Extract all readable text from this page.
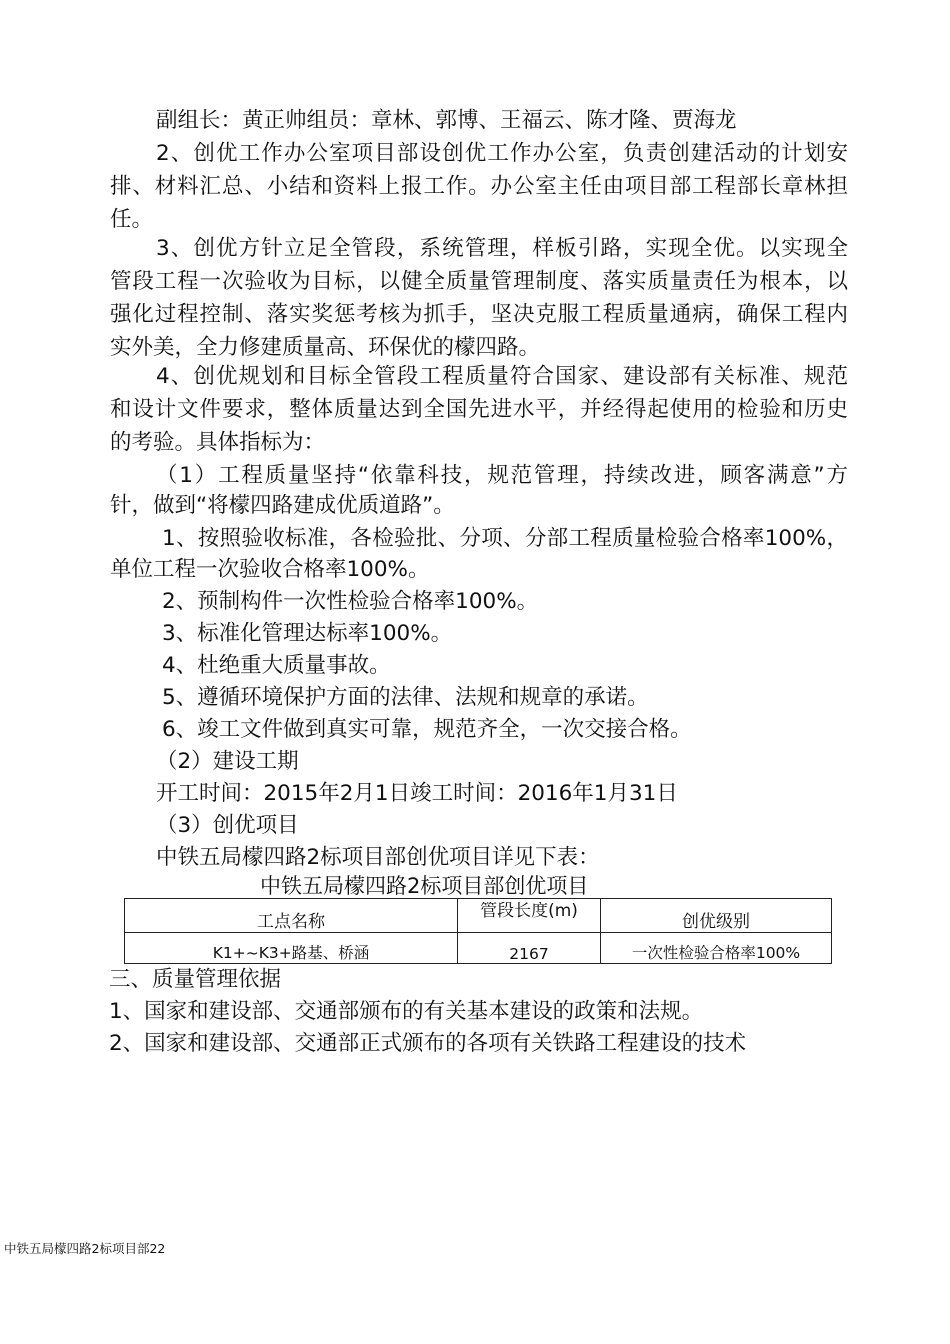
副组长：黄正帅组员：章林、郭博、王福云、陈才隆、贾海龙
2、创优工作办公室项目部设创优工作办公室，负责创建活动的计划安
排、材料汇总、小结和资料上报工作。办公室主任由项目部工程部长章林担
任。
3、创优方针立足全管段，系统管理，样板引路，实现全优。以实现全
管段工程一次验收为目标，以健全质量管理制度、落实质量责任为根本，以
强化过程控制、落实奖惩考核为抓手，坚决克服工程质量通病，确保工程内
实外美，全力修建质量高、环保优的檬四路。
4、创优规划和目标全管段工程质量符合国家、建设部有关标准、规范
和设计文件要求，整体质量达到全国先进水平，并经得起使用的检验和历史
的考验。具体指标为：
（1）工程质量坚持“依靠科技，规范管理，持续改进，顾客满意”方
针，做到“将檬四路建成优质道路”。
1、按照验收标准，各检验批、分项、分部工程质量检验合格率100%，
单位工程一次验收合格率100%。
2、预制构件一次性检验合格率100%。
3、标准化管理达标率100%。
4、杜绝重大质量事故。
5、遵循环境保护方面的法律、法规和规章的承诺。
6、竣工文件做到真实可靠，规范齐全，一次交接合格。
（2）建设工期
开工时间：2015年2月1日竣工时间：2016年1月31日
（3）创优项目
中铁五局檬四路2标项目部创优项目详见下表：
中铁五局檬四路2标项目部创优项目
工点名称	管段长度(m)	创优级别
K1+~K3+路基、桥涵	2167	一次性检验合格率100%
三、质量管理依据
1、国家和建设部、交通部颁布的有关基本建设的政策和法规。
2、国家和建设部、交通部正式颁布的各项有关铁路工程建设的技术
中铁五局檬四路2标项目部22
